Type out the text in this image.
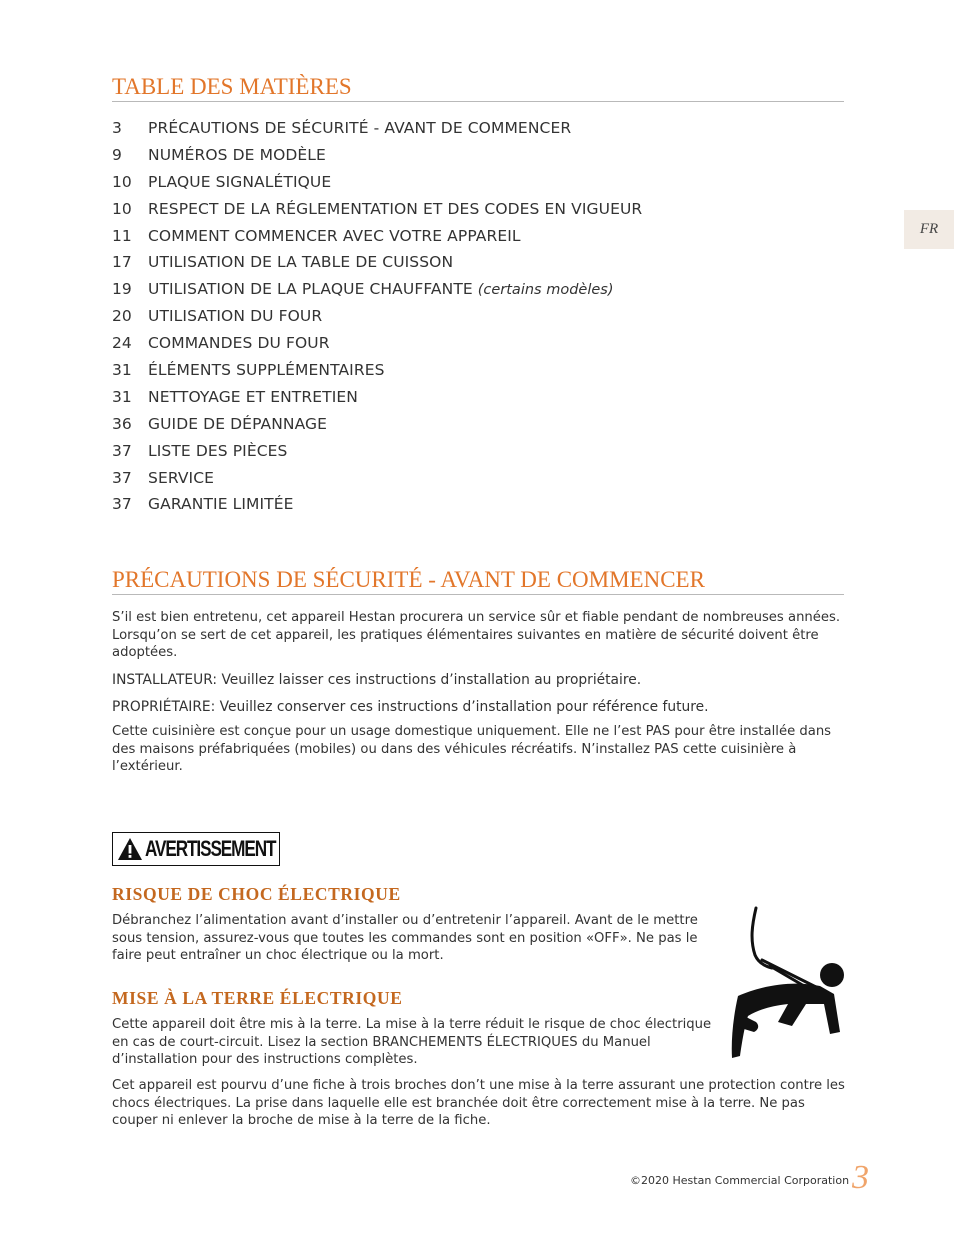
TABLE DES MATIÈRES
3 PRÉCAUTIONS DE SÉCURITÉ - AVANT DE COMMENCER
9 NUMÉROS DE MODÈLE
10 PLAQUE SIGNALÉTIQUE
10 RESPECT DE LA RÉGLEMENTATION ET DES CODES EN VIGUEUR
11 COMMENT COMMENCER AVEC VOTRE APPAREIL
17 UTILISATION DE LA TABLE DE CUISSON
19 UTILISATION DE LA PLAQUE CHAUFFANTE (certains modèles)
20 UTILISATION DU FOUR
24 COMMANDES DU FOUR
31 ÉLÉMENTS SUPPLÉMENTAIRES
31 NETTOYAGE ET ENTRETIEN
36 GUIDE DE DÉPANNAGE
37 LISTE DES PIÈCES
37 SERVICE
37 GARANTIE LIMITÉE
PRÉCAUTIONS DE SÉCURITÉ - AVANT DE COMMENCER

S’il est bien entretenu, cet appareil Hestan procurera un service sûr et fiable pendant de nombreuses années. Lorsqu’on se sert de cet appareil, les pratiques élémentaires suivantes en matière de sécurité doivent être adoptées.

INSTALLATEUR: Veuillez laisser ces instructions d’installation au propriétaire.

PROPRIÉTAIRE: Veuillez conserver ces instructions d’installation pour référence future.

Cette cuisinière est conçue pour un usage domestique uniquement. Elle ne l’est PAS pour être installée dans des maisons préfabriquées (mobiles) ou dans des véhicules récréatifs. N’installez PAS cette cuisinière à l’extérieur.

AVERTISSEMENT
RISQUE DE CHOC ÉLECTRIQUE

Débranchez l’alimentation avant d’installer ou d’entretenir l’appareil. Avant de le mettre sous tension, assurez-vous que toutes les commandes sont en position «OFF». Ne pas le faire peut entraîner un choc électrique ou la mort.

MISE À LA TERRE ÉLECTRIQUE

Cette appareil doit être mis à la terre. La mise à la terre réduit le risque de choc électrique en cas de court-circuit. Lisez la section BRANCHEMENTS ÉLECTRIQUES du Manuel d’installation pour des instructions complètes.

Cet appareil est pourvu d’une fiche à trois broches don’t une mise à la terre assurant une protection contre les chocs électriques. La prise dans laquelle elle est branchée doit être correctement mise à la terre. Ne pas couper ni enlever la broche de mise à la terre de la fiche.

FR
©2020 Hestan Commercial Corporation 3
